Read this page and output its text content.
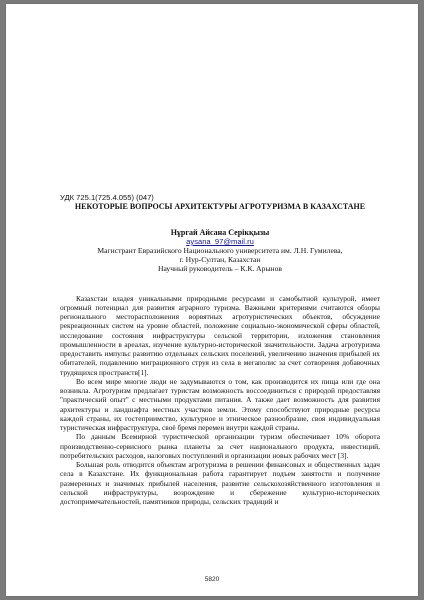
УДК 725.1(725.4.055) (047)

НЕКОТОРЫЕ ВОПРОСЫ АРХИТЕКТУРЫ АГРОТУРИЗМА В КАЗАХСТАНЕ

Нұргай Айсана Серікқызы

aysana_97@mail.ru

Магистрант Евразийского Национального университета им. Л.Н. Гумилева,

г. Нур-Султан, Казахстан

Научный руководитель – К.К. Арынов

Казахстан владея уникальными природными ресурсами и самобытной культурой, имеет огромный потенциал для развития аграрного туризма. Важными критериями считаются обзоры регионального месторасположения ворвятных агротуристических объектов, обсуждение рекреационных систем на уровне областей, положение социально-экономической сферы областей, исследование состояния инфраструктуры сельской территории, изложения становления промышленности в ареалах, изучение культурно-исторической значительности. Задача агротуризма предоставить импульс развитию отдельных сельских поселений, увеличению значения прибылей их обитателей, подавлению миграционного струя из села в мегаполис за счет сотворения добавочных трудящихся пространств[1].

Во всем мире многие люди не задумываются о том, как производится их пища или где она возникла. Агротуризм предлагает туристам возможность воссоединиться с природой предоставляя "практический опыт" с местными продуктами питания. А также дает возможность для развития архитектуры и ландшафта местных участков земли. Этому способствуют природные ресурсы каждой страны, их гостеприимство, культурное и этническое разнообразие, своя индивидуальная туристическая инфраструктура, своё бремя перемен внутри каждой страны.

По данным Всемирной туристической организации туризм обеспечивает 10% оборота производственно-сервисного рынка планеты за счет национального продукта, инвестиций, потребительских расходов, налоговых поступлений и организации новых рабочих мест [3].

Большая роль отводится объектам агротуризма в решении финансовых и общественных задач села в Казахстане. Их функциональная работа гарантирует подъем занятости и получение размеренных и значимых прибылей населения, развитие сельскохозяйственного изготовления и сельской инфраструктуры, возрождение и сбережение культурно-исторических достопримечательностей, памятников природы, сельских традиций и

5820
